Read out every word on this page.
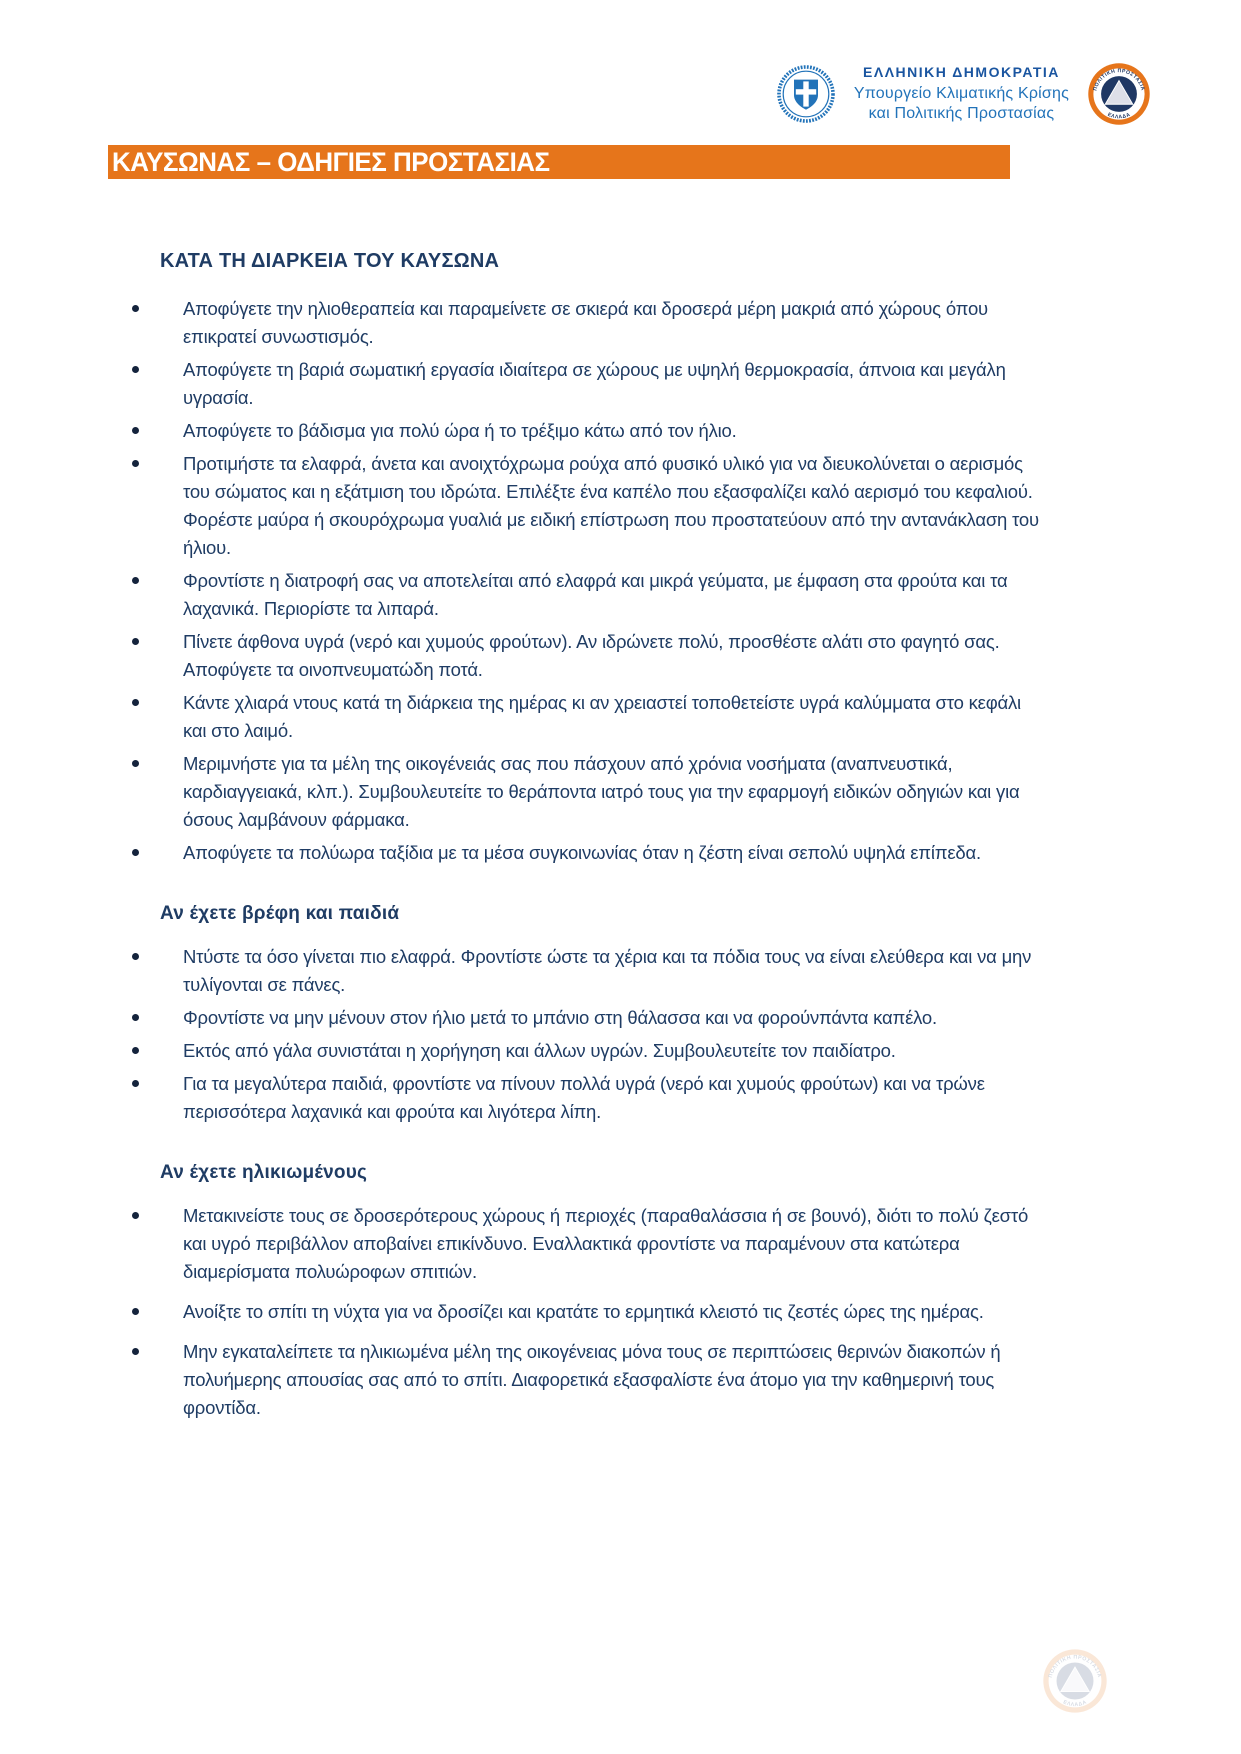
ΕΛΛΗΝΙΚΗ ΔΗΜΟΚΡΑΤΙΑ
Υπουργείο Κλιματικής Κρίσης
και Πολιτικής Προστασίας
ΚΑΥΣΩΝΑΣ – ΟΔΗΓΙΕΣ ΠΡΟΣΤΑΣΙΑΣ
ΚΑΤΑ ΤΗ ΔΙΑΡΚΕΙΑ ΤΟΥ ΚΑΥΣΩΝΑ
Αποφύγετε την ηλιοθεραπεία και παραμείνετε σε σκιερά και δροσερά μέρη μακριά από χώρους όπου επικρατεί συνωστισμός.
Αποφύγετε τη βαριά σωματική εργασία ιδιαίτερα σε χώρους με υψηλή θερμοκρασία, άπνοια και μεγάλη υγρασία.
Αποφύγετε το βάδισμα για πολύ ώρα ή το τρέξιμο κάτω από τον ήλιο.
Προτιμήστε τα ελαφρά, άνετα και ανοιχτόχρωμα ρούχα από φυσικό υλικό για να διευκολύνεται ο αερισμός του σώματος και η εξάτμιση του ιδρώτα. Επιλέξτε ένα καπέλο που εξασφαλίζει καλό αερισμό του κεφαλιού. Φορέστε μαύρα ή σκουρόχρωμα γυαλιά με ειδική επίστρωση που προστατεύουν από την αντανάκλαση του ήλιου.
Φροντίστε η διατροφή σας να αποτελείται από ελαφρά και μικρά γεύματα, με έμφαση στα φρούτα και τα λαχανικά. Περιορίστε τα λιπαρά.
Πίνετε άφθονα υγρά (νερό και χυμούς φρούτων). Αν ιδρώνετε πολύ, προσθέστε αλάτι στο φαγητό σας. Αποφύγετε τα οινοπνευματώδη ποτά.
Κάντε χλιαρά ντους κατά τη διάρκεια της ημέρας κι αν χρειαστεί τοποθετείστε υγρά καλύμματα στο κεφάλι και στο λαιμό.
Μεριμνήστε για τα μέλη της οικογένειάς σας που πάσχουν από χρόνια νοσήματα (αναπνευστικά, καρδιαγγειακά, κλπ.). Συμβουλευτείτε το θεράποντα ιατρό τους για την εφαρμογή ειδικών οδηγιών και για όσους λαμβάνουν φάρμακα.
Αποφύγετε τα πολύωρα ταξίδια με τα μέσα συγκοινωνίας όταν η ζέστη είναι σεπολύ υψηλά επίπεδα.
Αν έχετε βρέφη και παιδιά
Ντύστε τα όσο γίνεται πιο ελαφρά. Φροντίστε ώστε τα χέρια και τα πόδια τους να είναι ελεύθερα και να μην τυλίγονται σε πάνες.
Φροντίστε να μην μένουν στον ήλιο μετά το μπάνιο στη θάλασσα και να φορούνπάντα καπέλο.
Εκτός από γάλα συνιστάται η χορήγηση και άλλων υγρών. Συμβουλευτείτε τον παιδίατρο.
Για τα μεγαλύτερα παιδιά, φροντίστε να πίνουν πολλά υγρά (νερό και χυμούς φρούτων) και να τρώνε περισσότερα λαχανικά και φρούτα και λιγότερα λίπη.
Αν έχετε ηλικιωμένους
Μετακινείστε τους σε δροσερότερους χώρους ή περιοχές (παραθαλάσσια ή σε βουνό), διότι το πολύ ζεστό και υγρό περιβάλλον αποβαίνει επικίνδυνο. Εναλλακτικά φροντίστε να παραμένουν στα κατώτερα διαμερίσματα πολυώροφων σπιτιών.
Ανοίξτε το σπίτι τη νύχτα για να δροσίζει και κρατάτε το ερμητικά κλειστό τις ζεστές ώρες της ημέρας.
Μην εγκαταλείπετε τα ηλικιωμένα μέλη της οικογένειας μόνα τους σε περιπτώσεις θερινών διακοπών ή πολυήμερης απουσίας σας από το σπίτι. Διαφορετικά εξασφαλίστε ένα άτομο για την καθημερινή τους φροντίδα.
